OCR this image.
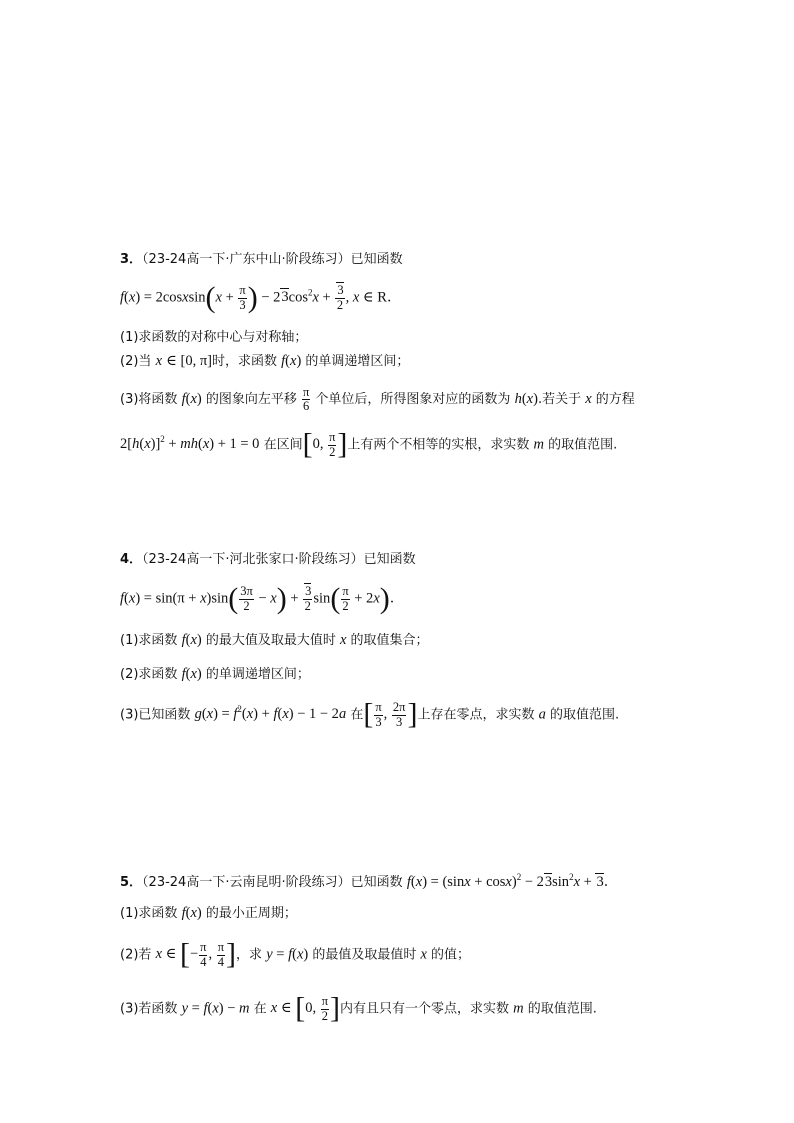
3．（23-24高一下·广东中山·阶段练习）已知函数
f(x) = 2cosxsin(x + $\frac{\pi}{3}$ ) − $23\cos^2x + \frac{3}{2}$ , x ∈ R．
(1)求函数的对称中心与对称轴；
(2)当 x ∈ [0, π]时，求函数 f(x) 的单调递增区间；
(3)将函数 f(x) 的图象向左平移 $\frac{\pi}{6}$ 个单位后，所得图象对应的函数为 h(x).若关于 x 的方程
$2[h(x)]^2 + mh(x) + 1 = 0$ 在区间[0, $\frac{\pi}{2}$ ]上有两个不相等的实根，求实数 m 的取值范围.
4．（23-24高一下·河北张家口·阶段练习）已知函数
$f(x) = \sin(\pi + x)\sin( \frac{3\pi}{2} - x) + \frac{3}{2} \sin( \frac{\pi}{2} + 2x)$．
(1)求函数 f(x) 的最大值及取最大值时 x 的取值集合；
(2)求函数 f(x) 的单调递增区间；
(3)已知函数 $g(x) = f^2(x) + f(x) - 1 - 2a$ 在[ $\frac{\pi}{3}$ , $\frac{2\pi}{3}$ ]上存在零点，求实数 a 的取值范围.
5．（23-24高一下·云南昆明·阶段练习）已知函数 $f(x) = (\sin x + \cos x)^2 - 23\sin^2x + 3$．
(1)求函数 f(x) 的最小正周期；
(2)若 x ∈ [− $\frac{\pi}{4}$ , $\frac{\pi}{4}$ ]，求 y = f(x) 的最值及取最值时 x 的值；
(3)若函数 y = f(x) − m 在 x ∈ [0, $\frac{\pi}{2}$ ]内有且只有一个零点，求实数 m 的取值范围.
